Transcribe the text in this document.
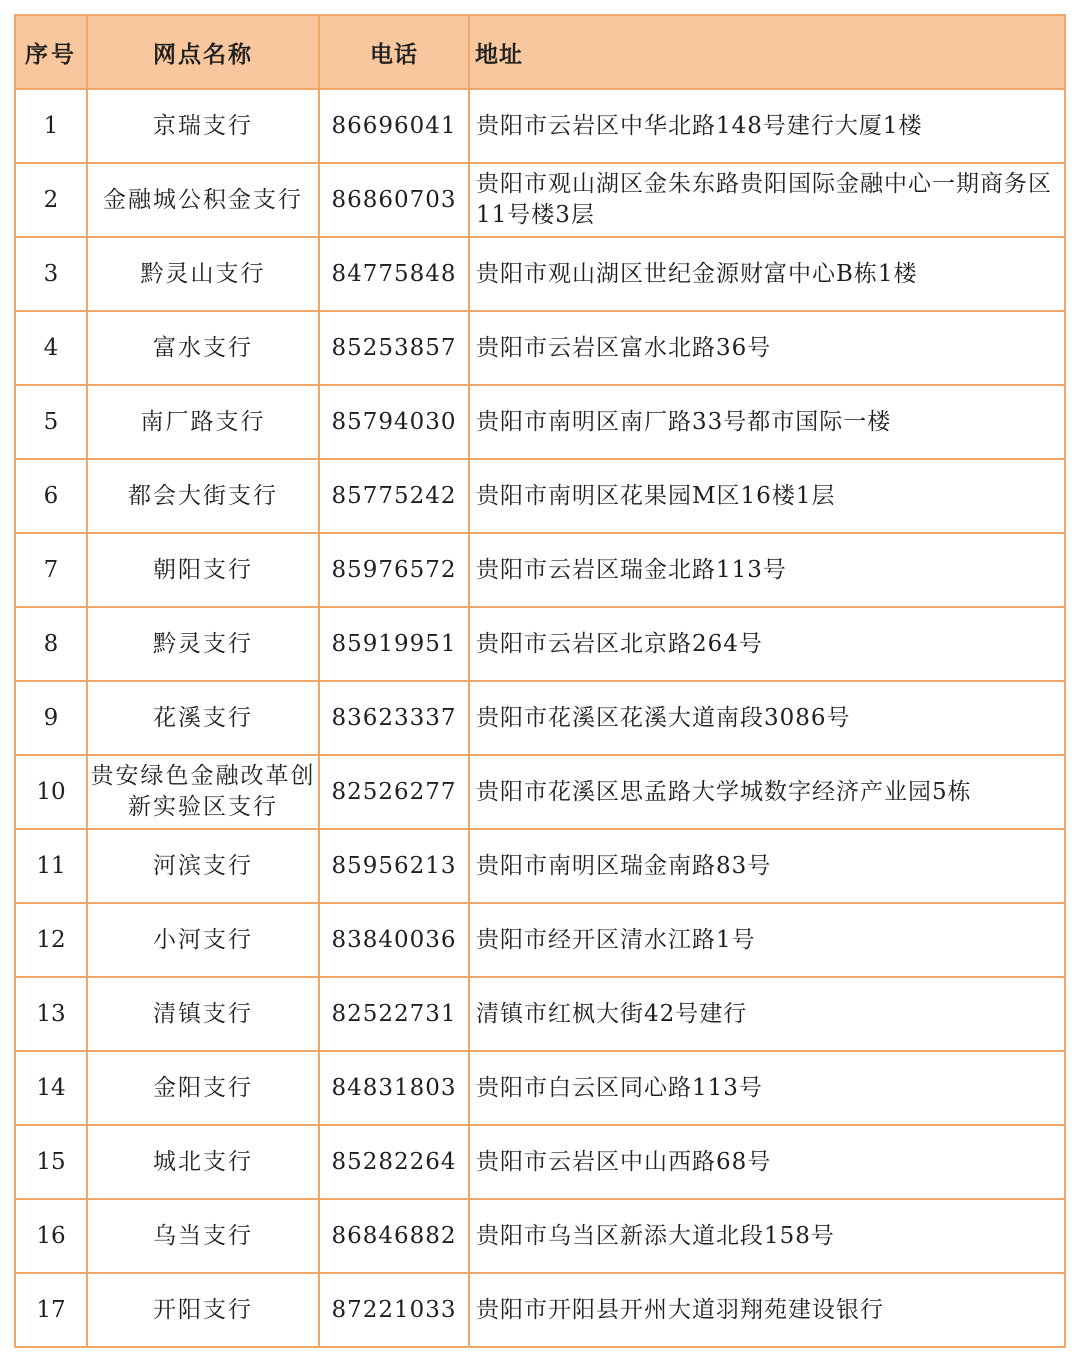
序号	网点名称	电话	地址
1	京瑞支行	86696041	贵阳市云岩区中华北路148号建行大厦1楼
2	金融城公积金支行	86860703	贵阳市观山湖区金朱东路贵阳国际金融中心一期商务区11号楼3层
3	黔灵山支行	84775848	贵阳市观山湖区世纪金源财富中心B栋1楼
4	富水支行	85253857	贵阳市云岩区富水北路36号
5	南厂路支行	85794030	贵阳市南明区南厂路33号都市国际一楼
6	都会大街支行	85775242	贵阳市南明区花果园M区16楼1层
7	朝阳支行	85976572	贵阳市云岩区瑞金北路113号
8	黔灵支行	85919951	贵阳市云岩区北京路264号
9	花溪支行	83623337	贵阳市花溪区花溪大道南段3086号
10	贵安绿色金融改革创新实验区支行	82526277	贵阳市花溪区思孟路大学城数字经济产业园5栋
11	河滨支行	85956213	贵阳市南明区瑞金南路83号
12	小河支行	83840036	贵阳市经开区清水江路1号
13	清镇支行	82522731	清镇市红枫大街42号建行
14	金阳支行	84831803	贵阳市白云区同心路113号
15	城北支行	85282264	贵阳市云岩区中山西路68号
16	乌当支行	86846882	贵阳市乌当区新添大道北段158号
17	开阳支行	87221033	贵阳市开阳县开州大道羽翔苑建设银行
